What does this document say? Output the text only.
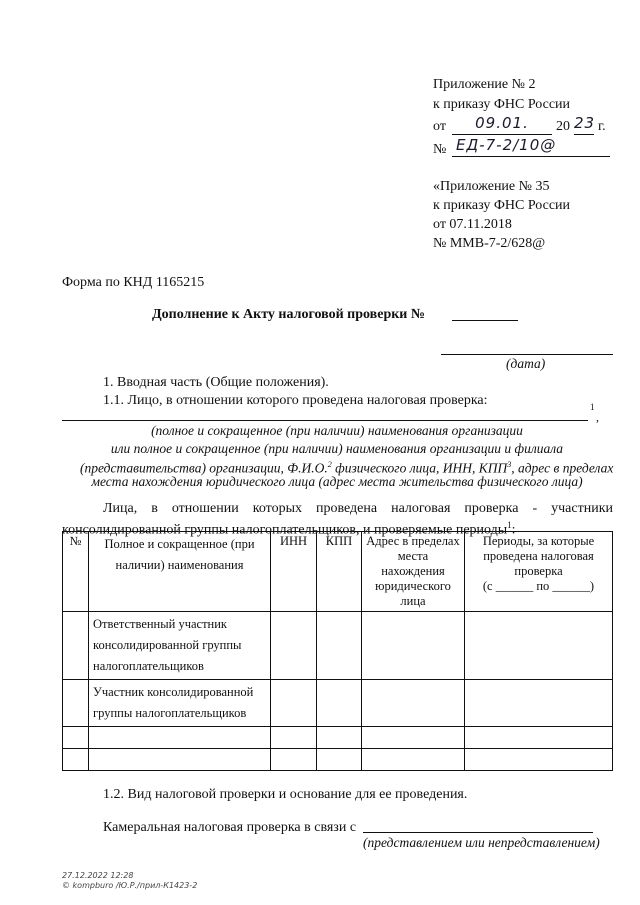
Приложение № 2
к приказу ФНС России
от	09.01.	20 23 г.
№ ЕД-7-2/10@
«Приложение № 35
к приказу ФНС России
от 07.11.2018
№ ММВ-7-2/628@
Форма по КНД 1165215
Дополнение к Акту налоговой проверки №
(дата)
1. Вводная часть (Общие положения).
1.1. Лицо, в отношении которого проведена налоговая проверка:	1
,
(полное и сокращенное (при наличии) наименования организации
или полное и сокращенное (при наличии) наименования организации и филиала
(представительства) организации, Ф.И.О.$^2$ физического лица, ИНН, КПП$^3$, адрес в пределах
места нахождения юридического лица (адрес места жительства физического лица)
Лица, в отношении которых проведена налоговая проверка - участники
консолидированной группы налогоплательщиков, и проверяемые периоды$^1$:
№	Полное и сокращенное (при наличии) наименования	ИНН	КПП	Адрес в пределах места нахождения юридического лица	Периоды, за которые проведена налоговая проверка
(с ______ по ______)

	Ответственный участник консолидированной группы налогоплательщиков				
	Участник консолидированной группы налогоплательщиков				

1.2. Вид налоговой проверки и основание для ее проведения.
Камеральная налоговая проверка в связи с
(представлением или непредставлением)
27.12.2022 12:28
© kompburo /Ю.Р./прил-К1423-2
